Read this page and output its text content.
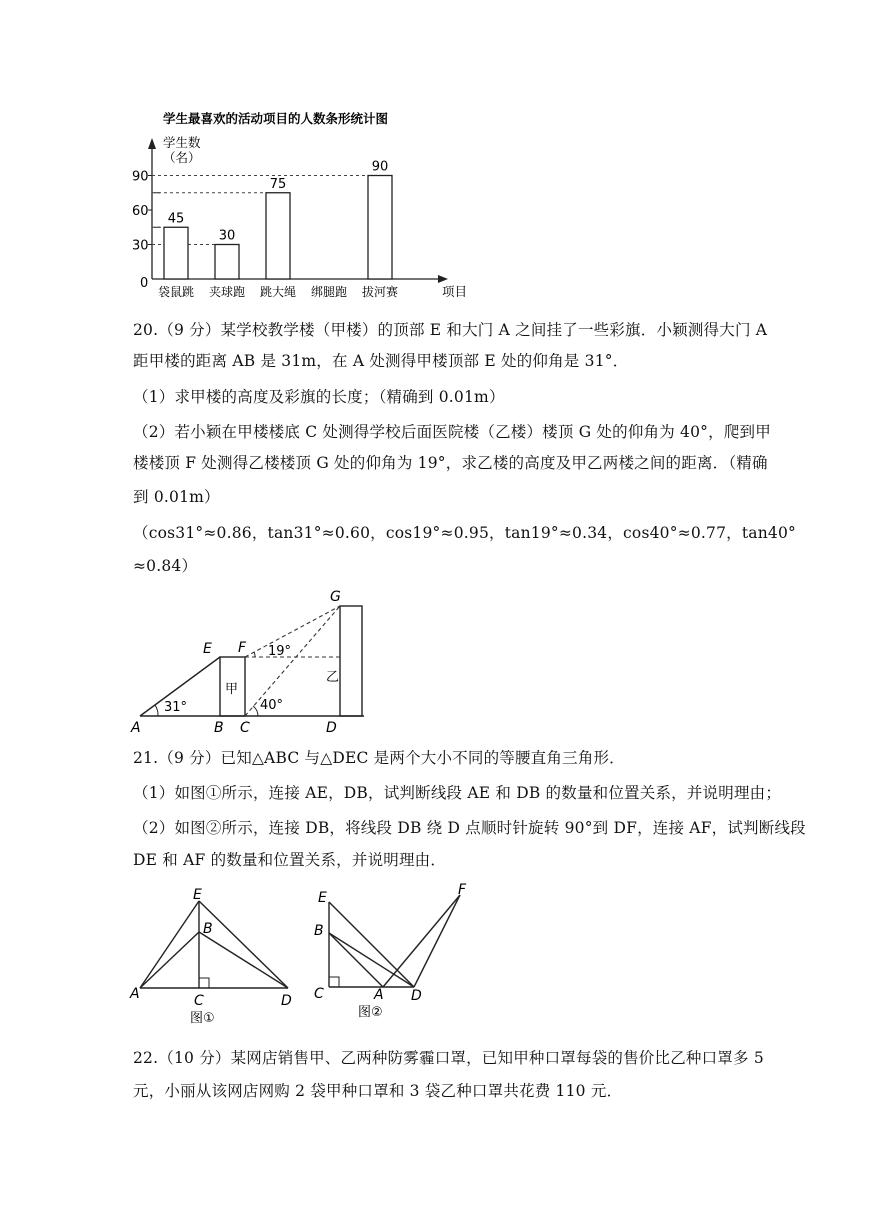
学生最喜欢的活动项目的人数条形统计图
学生数
（名）
项目
0
30
60
90
45
30
75
90
袋鼠跳 夹球跑 跳大绳 绑腿跑 拔河赛
20.（9 分）某学校教学楼（甲楼）的顶部 E 和大门 A 之间挂了一些彩旗．小颖测得大门 A
距甲楼的距离 AB 是 31m，在 A 处测得甲楼顶部 E 处的仰角是 31°．
（1）求甲楼的高度及彩旗的长度；（精确到 0.01m）
（2）若小颖在甲楼楼底 C 处测得学校后面医院楼（乙楼）楼顶 G 处的仰角为 40°，爬到甲
楼楼顶 F 处测得乙楼楼顶 G 处的仰角为 19°，求乙楼的高度及甲乙两楼之间的距离．（精确
到 0.01m）
（cos31°≈0.86，tan31°≈0.60，cos19°≈0.95，tan19°≈0.34，cos40°≈0.77，tan40°
≈0.84）
G
E F
A	B C	D
甲
乙
31°
19°
40°
21.（9 分）已知△ABC 与△DEC 是两个大小不同的等腰直角三角形．
（1）如图①所示，连接 AE，DB，试判断线段 AE 和 DB 的数量和位置关系，并说明理由；
（2）如图②所示，连接 DB，将线段 DB 绕 D 点顺时针旋转 90°到 DF，连接 AF，试判断线段
DE 和 AF 的数量和位置关系，并说明理由．
E
B
A	C	D
图①
E
B
C	A D
F
图②
22.（10 分）某网店销售甲、乙两种防雾霾口罩，已知甲种口罩每袋的售价比乙种口罩多 5
元，小丽从该网店网购 2 袋甲种口罩和 3 袋乙种口罩共花费 110 元．
